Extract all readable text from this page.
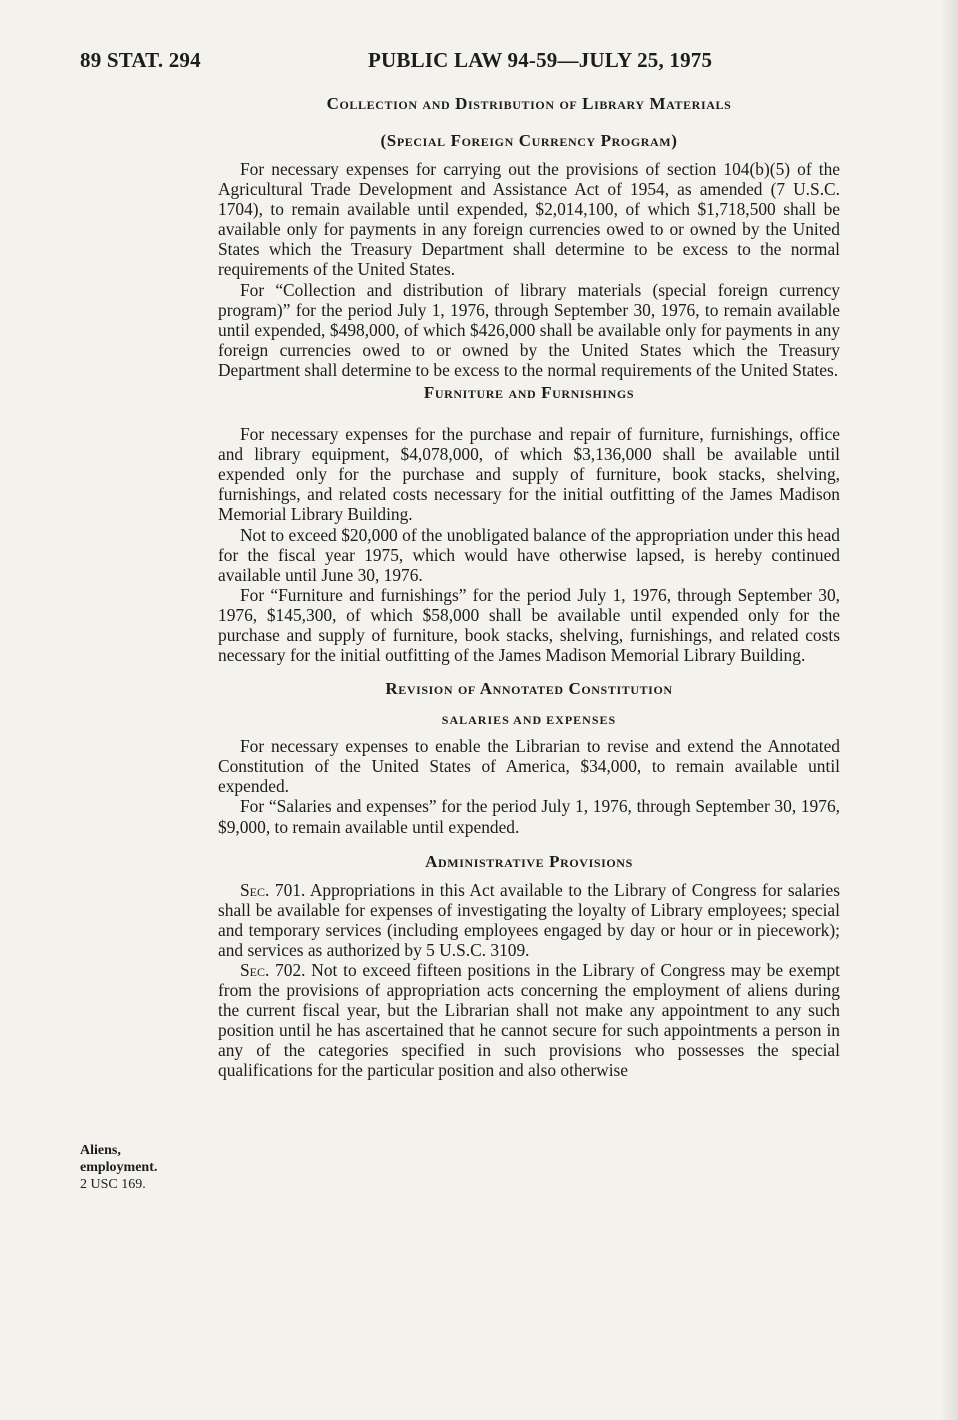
89 STAT. 294	PUBLIC LAW 94-59—JULY 25, 1975
Collection and Distribution of Library Materials
(Special Foreign Currency Program)

For necessary expenses for carrying out the provisions of section 104(b)(5) of the Agricultural Trade Development and Assistance Act of 1954, as amended (7 U.S.C. 1704), to remain available until expended, $2,014,100, of which $1,718,500 shall be available only for payments in any foreign currencies owed to or owned by the United States which the Treasury Department shall determine to be excess to the normal requirements of the United States.

For “Collection and distribution of library materials (special foreign currency program)” for the period July 1, 1976, through September 30, 1976, to remain available until expended, $498,000, of which $426,000 shall be available only for payments in any foreign currencies owed to or owned by the United States which the Treasury Department shall determine to be excess to the normal requirements of the United States.

Furniture and Furnishings

For necessary expenses for the purchase and repair of furniture, furnishings, office and library equipment, $4,078,000, of which $3,136,000 shall be available until expended only for the purchase and supply of furniture, book stacks, shelving, furnishings, and related costs necessary for the initial outfitting of the James Madison Memorial Library Building.

Not to exceed $20,000 of the unobligated balance of the appropriation under this head for the fiscal year 1975, which would have otherwise lapsed, is hereby continued available until June 30, 1976.

For “Furniture and furnishings” for the period July 1, 1976, through September 30, 1976, $145,300, of which $58,000 shall be available until expended only for the purchase and supply of furniture, book stacks, shelving, furnishings, and related costs necessary for the initial outfitting of the James Madison Memorial Library Building.

Revision of Annotated Constitution
SALARIES AND EXPENSES

For necessary expenses to enable the Librarian to revise and extend the Annotated Constitution of the United States of America, $34,000, to remain available until expended.

For “Salaries and expenses” for the period July 1, 1976, through September 30, 1976, $9,000, to remain available until expended.

Administrative Provisions

Sec. 701. Appropriations in this Act available to the Library of Congress for salaries shall be available for expenses of investigating the loyalty of Library employees; special and temporary services (including employees engaged by day or hour or in piecework); and services as authorized by 5 U.S.C. 3109.

Sec. 702. Not to exceed fifteen positions in the Library of Congress may be exempt from the provisions of appropriation acts concerning the employment of aliens during the current fiscal year, but the Librarian shall not make any appointment to any such position until he has ascertained that he cannot secure for such appointments a person in any of the categories specified in such provisions who possesses the special qualifications for the particular position and also otherwise

Aliens,
employment.
2 USC 169.
